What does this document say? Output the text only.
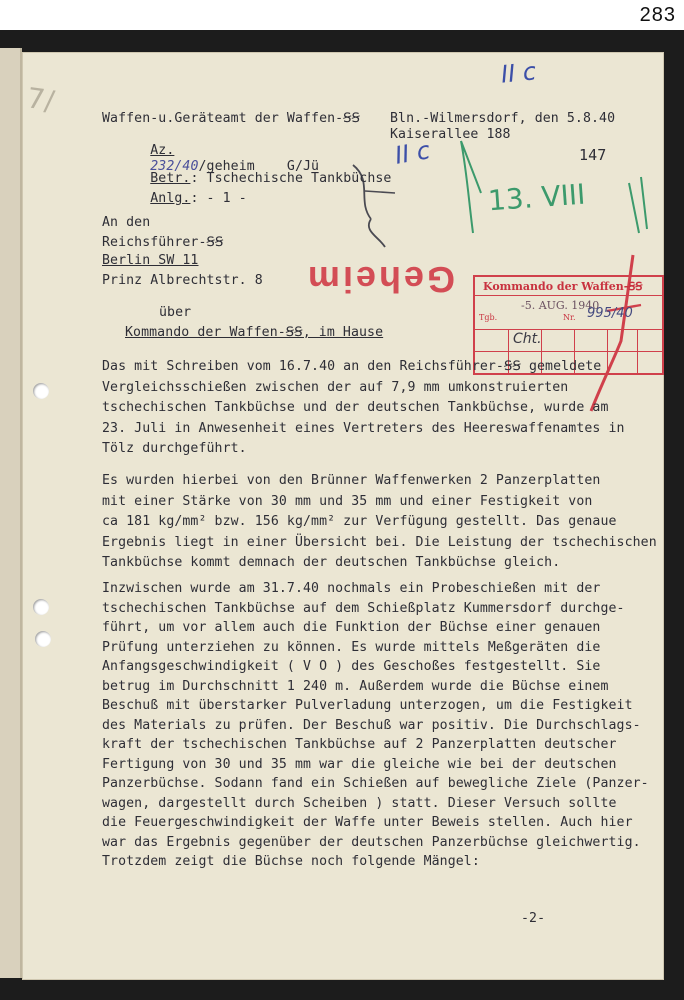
283
7/
II c
II c
13. VIII
Waffen-u.Geräteamt der Waffen-ꞨꞨ

Az.
232/40/geheim    G/Jü

Bln.-Wilmersdorf, den 5.8.40
Kaiserallee 188
147

Betr.: Tschechische Tankbüchse

Anlg.: - 1 -

An den
Reichsführer-ꞨꞨ
Berlin SW 11
Prinz Albrechtstr. 8
über
Kommando der Waffen-ꞨꞨ, im Hause
Geheim	Kommando der Waffen-ꞨꞨ
-5. AUG. 1940
Tgb.	Nr. 995/40
Cht.
Das mit Schreiben vom 16.7.40 an den Reichsführer-ꞨꞨ gemeldete
Vergleichsschießen zwischen der auf 7,9 mm umkonstruierten
tschechischen Tankbüchse und der deutschen Tankbüchse, wurde am
23. Juli in Anwesenheit eines Vertreters des Heereswaffenamtes in
Tölz durchgeführt.
Es wurden hierbei von den Brünner Waffenwerken 2 Panzerplatten
mit einer Stärke von 30 mm und 35 mm und einer Festigkeit von
ca 181 kg/mm² bzw. 156 kg/mm² zur Verfügung gestellt. Das genaue
Ergebnis liegt in einer Übersicht bei. Die Leistung der tschechischen
Tankbüchse kommt demnach der deutschen Tankbüchse gleich.
Inzwischen wurde am 31.7.40 nochmals ein Probeschießen mit der
tschechischen Tankbüchse auf dem Schießplatz Kummersdorf durchge-
führt, um vor allem auch die Funktion der Büchse einer genauen
Prüfung unterziehen zu können. Es wurde mittels Meßgeräten die
Anfangsgeschwindigkeit ( V O ) des Geschoßes festgestellt. Sie
betrug im Durchschnitt 1 240 m. Außerdem wurde die Büchse einem
Beschuß mit überstarker Pulverladung unterzogen, um die Festigkeit
des Materials zu prüfen. Der Beschuß war positiv. Die Durchschlags-
kraft der tschechischen Tankbüchse auf 2 Panzerplatten deutscher
Fertigung von 30 und 35 mm war die gleiche wie bei der deutschen
Panzerbüchse. Sodann fand ein Schießen auf bewegliche Ziele (Panzer-
wagen, dargestellt durch Scheiben ) statt. Dieser Versuch sollte
die Feuergeschwindigkeit der Waffe unter Beweis stellen. Auch hier
war das Ergebnis gegenüber der deutschen Panzerbüchse gleichwertig.
Trotzdem zeigt die Büchse noch folgende Mängel:
-2-
